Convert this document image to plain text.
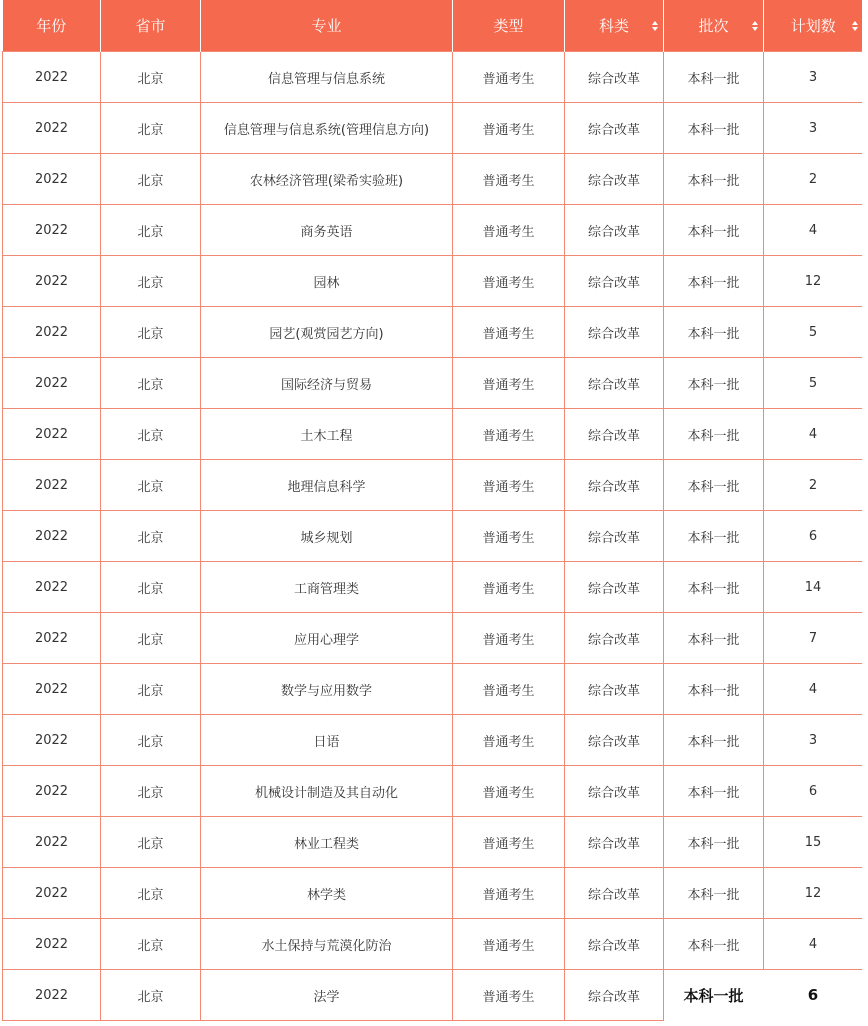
年份	省市	专业	类型	科类	批次	计划数

2022	北京	信息管理与信息系统	普通考生	综合改革	本科一批	3
2022	北京	信息管理与信息系统(管理信息方向)	普通考生	综合改革	本科一批	3
2022	北京	农林经济管理(梁希实验班)	普通考生	综合改革	本科一批	2
2022	北京	商务英语	普通考生	综合改革	本科一批	4
2022	北京	园林	普通考生	综合改革	本科一批	12
2022	北京	园艺(观赏园艺方向)	普通考生	综合改革	本科一批	5
2022	北京	国际经济与贸易	普通考生	综合改革	本科一批	5
2022	北京	土木工程	普通考生	综合改革	本科一批	4
2022	北京	地理信息科学	普通考生	综合改革	本科一批	2
2022	北京	城乡规划	普通考生	综合改革	本科一批	6
2022	北京	工商管理类	普通考生	综合改革	本科一批	14
2022	北京	应用心理学	普通考生	综合改革	本科一批	7
2022	北京	数学与应用数学	普通考生	综合改革	本科一批	4
2022	北京	日语	普通考生	综合改革	本科一批	3
2022	北京	机械设计制造及其自动化	普通考生	综合改革	本科一批	6
2022	北京	林业工程类	普通考生	综合改革	本科一批	15
2022	北京	林学类	普通考生	综合改革	本科一批	12
2022	北京	水土保持与荒漠化防治	普通考生	综合改革	本科一批	4
2022	北京	法学	普通考生	综合改革	本科一批	6
